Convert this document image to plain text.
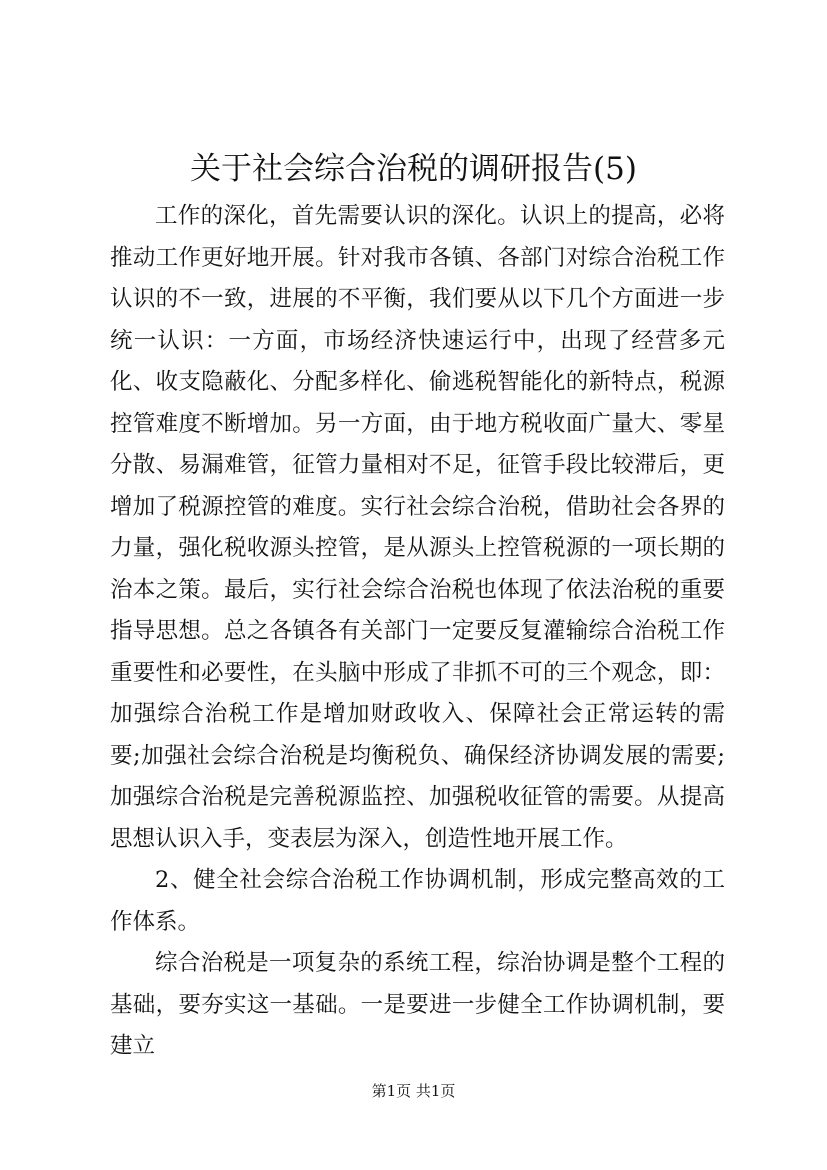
关于社会综合治税的调研报告(5)

工作的深化，首先需要认识的深化。认识上的提高，必将推动工作更好地开展。针对我市各镇、各部门对综合治税工作认识的不一致，进展的不平衡，我们要从以下几个方面进一步统一认识：一方面，市场经济快速运行中，出现了经营多元化、收支隐蔽化、分配多样化、偷逃税智能化的新特点，税源控管难度不断增加。另一方面，由于地方税收面广量大、零星分散、易漏难管，征管力量相对不足，征管手段比较滞后，更增加了税源控管的难度。实行社会综合治税，借助社会各界的力量，强化税收源头控管，是从源头上控管税源的一项长期的治本之策。最后，实行社会综合治税也体现了依法治税的重要指导思想。总之各镇各有关部门一定要反复灌输综合治税工作重要性和必要性，在头脑中形成了非抓不可的三个观念，即：加强综合治税工作是增加财政收入、保障社会正常运转的需要;加强社会综合治税是均衡税负、确保经济协调发展的需要;加强综合治税是完善税源监控、加强税收征管的需要。从提高思想认识入手，变表层为深入，创造性地开展工作。

2、健全社会综合治税工作协调机制，形成完整高效的工作体系。

综合治税是一项复杂的系统工程，综治协调是整个工程的基础，要夯实这一基础。一是要进一步健全工作协调机制，要建立

第1页 共1页
